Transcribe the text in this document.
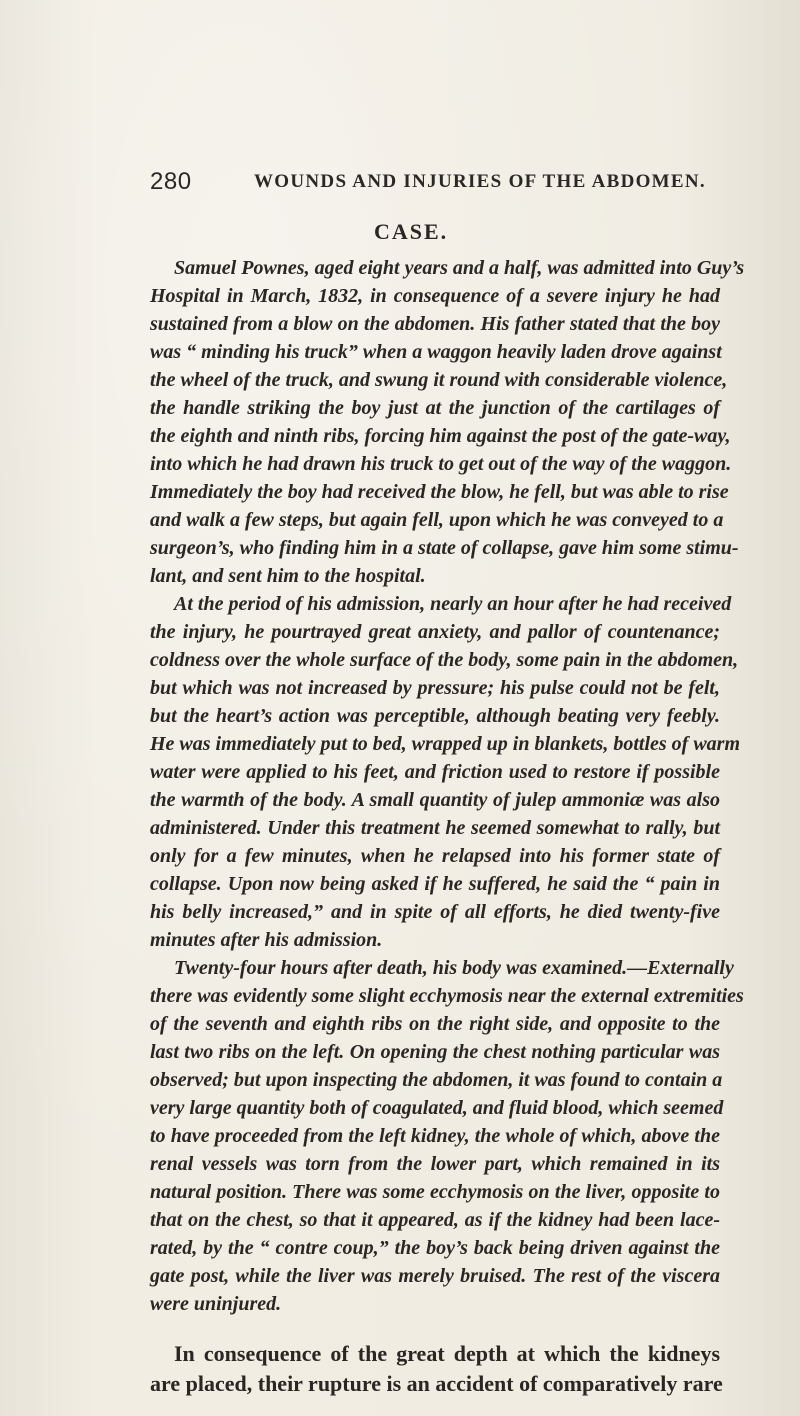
280	WOUNDS AND INJURIES OF THE ABDOMEN.
CASE.
Samuel Pownes, aged eight years and a half, was admitted into Guy’s
Hospital in March, 1832, in consequence of a severe injury he had
sustained from a blow on the abdomen. His father stated that the boy
was “ minding his truck” when a waggon heavily laden drove against
the wheel of the truck, and swung it round with considerable violence,
the handle striking the boy just at the junction of the cartilages of
the eighth and ninth ribs, forcing him against the post of the gate-way,
into which he had drawn his truck to get out of the way of the waggon.
Immediately the boy had received the blow, he fell, but was able to rise
and walk a few steps, but again fell, upon which he was conveyed to a
surgeon’s, who finding him in a state of collapse, gave him some stimu-
lant, and sent him to the hospital.
At the period of his admission, nearly an hour after he had received
the injury, he pourtrayed great anxiety, and pallor of countenance;
coldness over the whole surface of the body, some pain in the abdomen,
but which was not increased by pressure; his pulse could not be felt,
but the heart’s action was perceptible, although beating very feebly.
He was immediately put to bed, wrapped up in blankets, bottles of warm
water were applied to his feet, and friction used to restore if possible
the warmth of the body. A small quantity of julep ammoniæ was also
administered. Under this treatment he seemed somewhat to rally, but
only for a few minutes, when he relapsed into his former state of
collapse. Upon now being asked if he suffered, he said the “ pain in
his belly increased,” and in spite of all efforts, he died twenty-five
minutes after his admission.
Twenty-four hours after death, his body was examined.—Externally
there was evidently some slight ecchymosis near the external extremities
of the seventh and eighth ribs on the right side, and opposite to the
last two ribs on the left. On opening the chest nothing particular was
observed; but upon inspecting the abdomen, it was found to contain a
very large quantity both of coagulated, and fluid blood, which seemed
to have proceeded from the left kidney, the whole of which, above the
renal vessels was torn from the lower part, which remained in its
natural position. There was some ecchymosis on the liver, opposite to
that on the chest, so that it appeared, as if the kidney had been lace-
rated, by the “ contre coup,” the boy’s back being driven against the
gate post, while the liver was merely bruised. The rest of the viscera
were uninjured.
In consequence of the great depth at which the kidneys
are placed, their rupture is an accident of comparatively rare
